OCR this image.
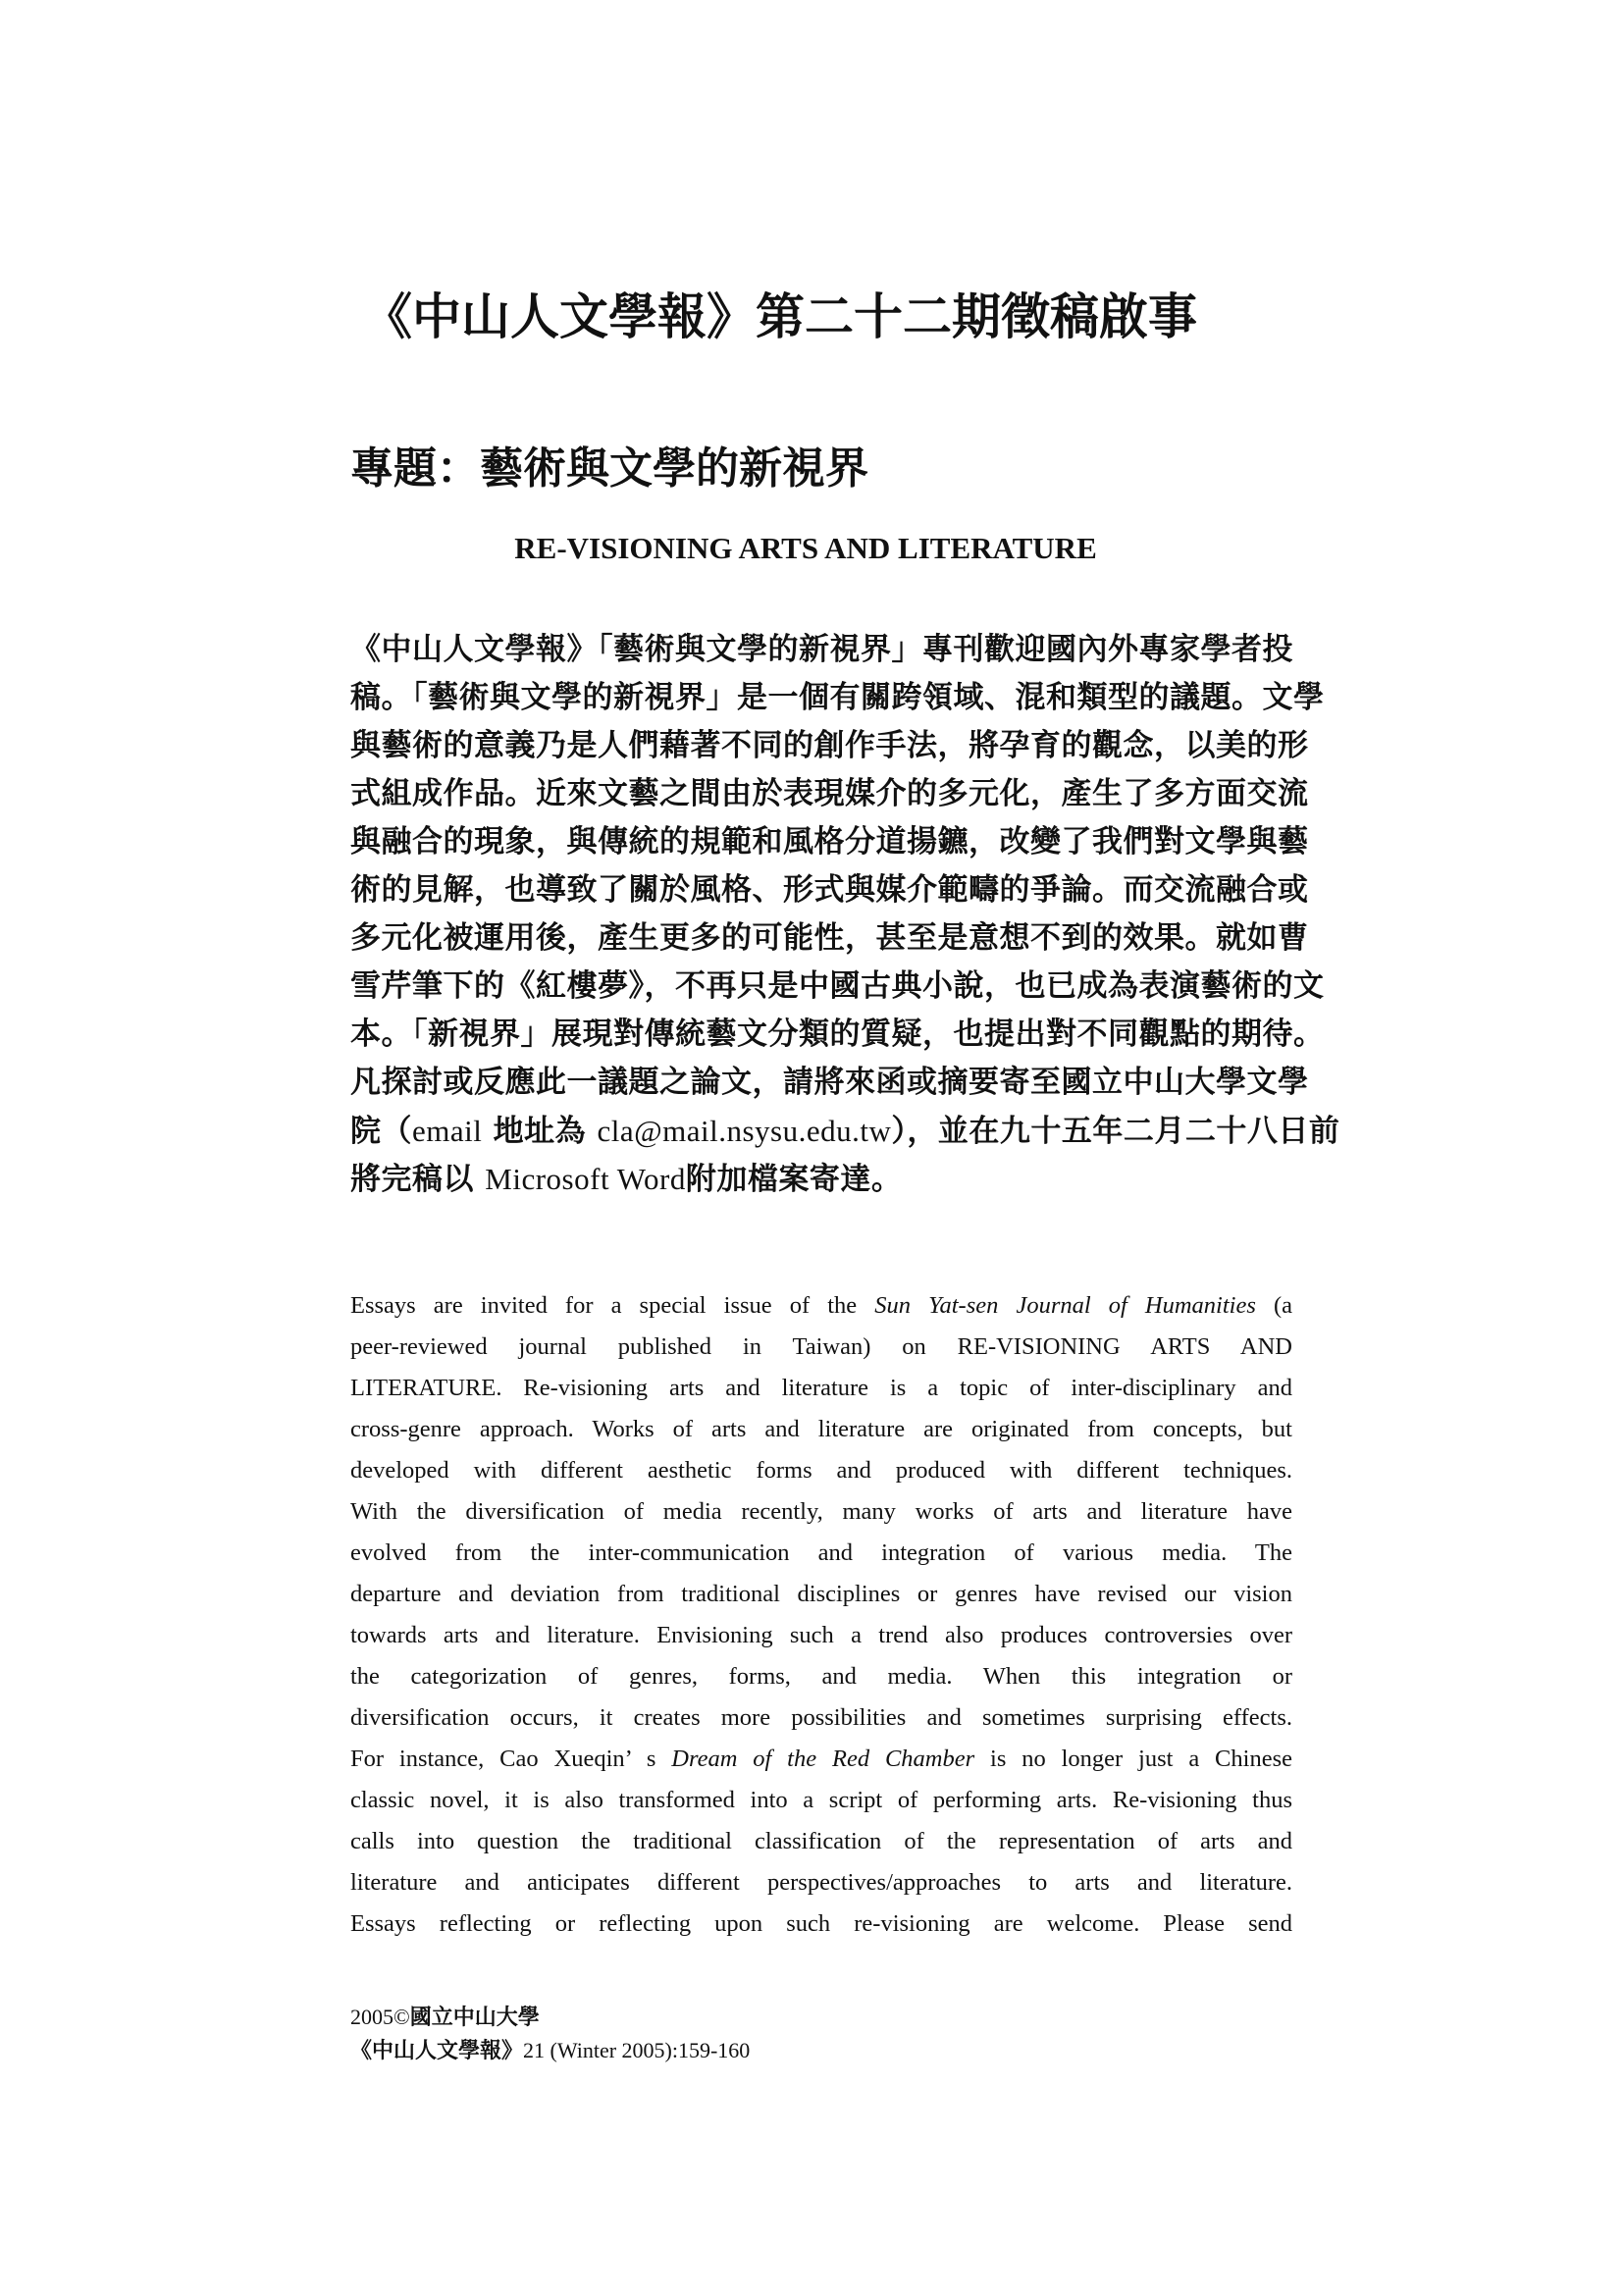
《中山人文學報》第二十二期徵稿啟事
專題：藝術與文學的新視界
RE-VISIONING ARTS AND LITERATURE
《中山人文學報》「藝術與文學的新視界」專刊歡迎國內外專家學者投
稿。「藝術與文學的新視界」是一個有關跨領域、混和類型的議題。文學
與藝術的意義乃是人們藉著不同的創作手法，將孕育的觀念，以美的形
式組成作品。近來文藝之間由於表現媒介的多元化，產生了多方面交流
與融合的現象，與傳統的規範和風格分道揚鑣，改變了我們對文學與藝
術的見解，也導致了關於風格、形式與媒介範疇的爭論。而交流融合或
多元化被運用後，產生更多的可能性，甚至是意想不到的效果。就如曹
雪芹筆下的《紅樓夢》，不再只是中國古典小說，也已成為表演藝術的文
本。「新視界」展現對傳統藝文分類的質疑，也提出對不同觀點的期待。
凡探討或反應此一議題之論文，請將來函或摘要寄至國立中山大學文學
院（email 地址為 cla@mail.nsysu.edu.tw），並在九十五年二月二十八日前
將完稿以 Microsoft Word附加檔案寄達。
Essays are invited for a special issue of the Sun Yat-sen Journal of Humanities (a
peer-reviewed journal published in Taiwan) on RE-VISIONING ARTS AND
LITERATURE. Re-visioning arts and literature is a topic of inter-disciplinary and
cross-genre approach. Works of arts and literature are originated from concepts, but
developed with different aesthetic forms and produced with different techniques.
With the diversification of media recently, many works of arts and literature have
evolved from the inter-communication and integration of various media. The
departure and deviation from traditional disciplines or genres have revised our vision
towards arts and literature. Envisioning such a trend also produces controversies over
the categorization of genres, forms, and media. When this integration or
diversification occurs, it creates more possibilities and sometimes surprising effects.
For instance, Cao Xueqin’ s Dream of the Red Chamber is no longer just a Chinese
classic novel, it is also transformed into a script of performing arts. Re-visioning thus
calls into question the traditional classification of the representation of arts and
literature and anticipates different perspectives/approaches to arts and literature.
Essays reflecting or reflecting upon such re-visioning are welcome. Please send
2005©國立中山大學
《中山人文學報》21 (Winter 2005):159-160
